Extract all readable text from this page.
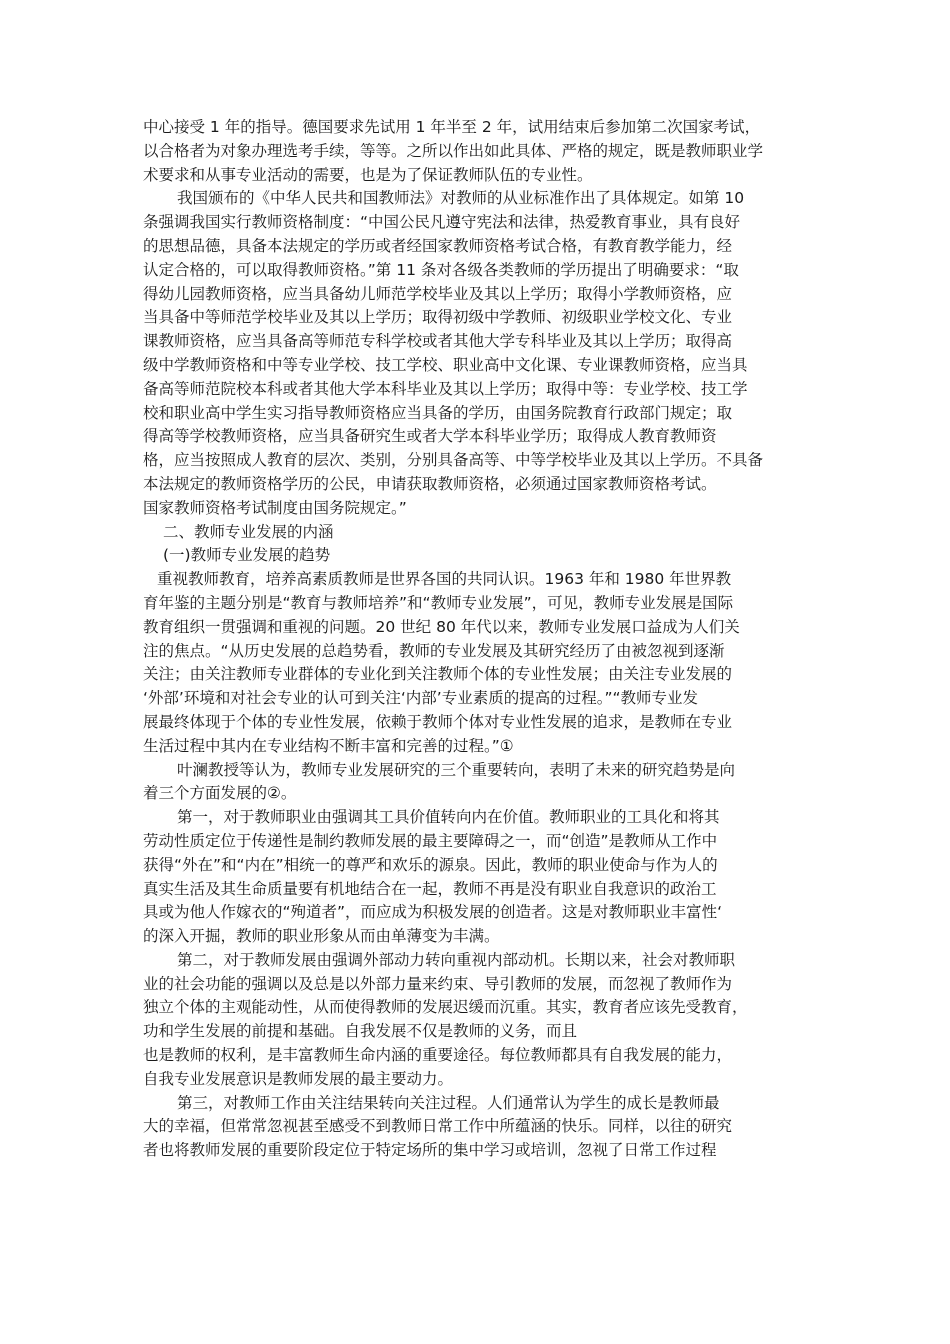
中心接受 1 年的指导。德国要求先试用 1 年半至 2 年，试用结束后参加第二次国家考试，
以合格者为对象办理选考手续，等等。之所以作出如此具体、严格的规定，既是教师职业学
术要求和从事专业活动的需要，也是为了保证教师队伍的专业性。
我国颁布的《中华人民共和国教师法》对教师的从业标准作出了具体规定。如第 10
条强调我国实行教师资格制度：“中国公民凡遵守宪法和法律，热爱教育事业，具有良好
的思想品德，具备本法规定的学历或者经国家教师资格考试合格，有教育教学能力，经
认定合格的，可以取得教师资格。”第 11 条对各级各类教师的学历提出了明确要求：“取
得幼儿园教师资格，应当具备幼儿师范学校毕业及其以上学历；取得小学教师资格，应
当具备中等师范学校毕业及其以上学历；取得初级中学教师、初级职业学校文化、专业
课教师资格，应当具备高等师范专科学校或者其他大学专科毕业及其以上学历；取得高
级中学教师资格和中等专业学校、技工学校、职业高中文化课、专业课教师资格，应当具
备高等师范院校本科或者其他大学本科毕业及其以上学历；取得中等：专业学校、技工学
校和职业高中学生实习指导教师资格应当具备的学历，由国务院教育行政部门规定；取
得高等学校教师资格，应当具备研究生或者大学本科毕业学历；取得成人教育教师资
格，应当按照成人教育的层次、类别，分别具备高等、中等学校毕业及其以上学历。不具备
本法规定的教师资格学历的公民，申请获取教师资格，必须通过国家教师资格考试。
国家教师资格考试制度由国务院规定。”
二、教师专业发展的内涵
(一)教师专业发展的趋势
重视教师教育，培养高素质教师是世界各国的共同认识。1963 年和 1980 年世界教
育年鉴的主题分别是“教育与教师培养”和“教师专业发展”，可见，教师专业发展是国际
教育组织一贯强调和重视的问题。20 世纪 80 年代以来，教师专业发展口益成为人们关
注的焦点。“从历史发展的总趋势看，教师的专业发展及其研究经历了由被忽视到逐渐
关注；由关注教师专业群体的专业化到关注教师个体的专业性发展；由关注专业发展的
‘外部’环境和对社会专业的认可到关注‘内部’专业素质的提高的过程。”“教师专业发
展最终体现于个体的专业性发展，依赖于教师个体对专业性发展的追求，是教师在专业
生活过程中其内在专业结构不断丰富和完善的过程。”①
叶澜教授等认为，教师专业发展研究的三个重要转向，表明了未来的研究趋势是向
着三个方面发展的②。
第一，对于教师职业由强调其工具价值转向内在价值。教师职业的工具化和将其
劳动性质定位于传递性是制约教师发展的最主要障碍之一，而“创造”是教师从工作中
获得“外在”和“内在”相统一的尊严和欢乐的源泉。因此，教师的职业使命与作为人的
真实生活及其生命质量要有机地结合在一起，教师不再是没有职业自我意识的政治工
具或为他人作嫁衣的“殉道者”，而应成为积极发展的创造者。这是对教师职业丰富性‘
的深入开掘，教师的职业形象从而由单薄变为丰满。
第二，对于教师发展由强调外部动力转向重视内部动机。长期以来，社会对教师职
业的社会功能的强调以及总是以外部力量来约束、导引教师的发展，而忽视了教师作为
独立个体的主观能动性，从而使得教师的发展迟缓而沉重。其实，教育者应该先受教育，
功和学生发展的前提和基础。自我发展不仅是教师的义务，而且
也是教师的权利，是丰富教师生命内涵的重要途径。每位教师都具有自我发展的能力，
自我专业发展意识是教师发展的最主要动力。
第三，对教师工作由关注结果转向关注过程。人们通常认为学生的成长是教师最
大的幸福，但常常忽视甚至感受不到教师日常工作中所蕴涵的快乐。同样，以往的研究
者也将教师发展的重要阶段定位于特定场所的集中学习或培训，忽视了日常工作过程
